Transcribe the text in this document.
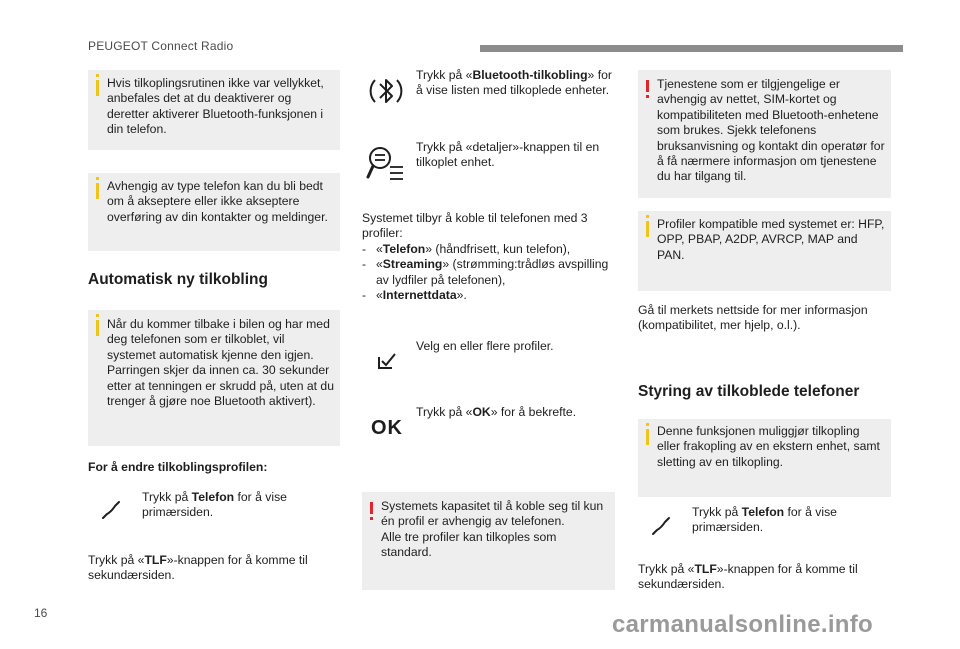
PEUGEOT Connect Radio
Hvis tilkoplingsrutinen ikke var vellykket, anbefales det at du deaktiverer og deretter aktiverer Bluetooth-funksjonen i din telefon.
Avhengig av type telefon kan du bli bedt om å akseptere eller ikke akseptere overføring av din kontakter og meldinger.
Automatisk ny tilkobling
Når du kommer tilbake i bilen og har med deg telefonen som er tilkoblet, vil systemet automatisk kjenne den igjen. Parringen skjer da innen ca. 30 sekunder etter at tenningen er skrudd på, uten at du trenger å gjøre noe Bluetooth aktivert).
For å endre tilkoblingsprofilen:
Trykk på Telefon for å vise primærsiden.
Trykk på «TLF»-knappen for å komme til sekundærsiden.
Trykk på «Bluetooth-tilkobling» for å vise listen med tilkoplede enheter.
Trykk på «detaljer»-knappen til en tilkoplet enhet.
Systemet tilbyr å koble til telefonen med 3 profiler:
- «Telefon» (håndfrisett, kun telefon),
- «Streaming» (strømming:trådløs avspilling av lydfiler på telefonen),
- «Internettdata».
Velg en eller flere profiler.
OK
Trykk på «OK» for å bekrefte.
Systemets kapasitet til å koble seg til kun én profil er avhengig av telefonen.
Alle tre profiler kan tilkoples som standard.
Tjenestene som er tilgjengelige er avhengig av nettet, SIM-kortet og kompatibiliteten med Bluetooth-enhetene som brukes. Sjekk telefonens bruksanvisning og kontakt din operatør for å få nærmere informasjon om tjenestene du har tilgang til.
Profiler kompatible med systemet er: HFP, OPP, PBAP, A2DP, AVRCP, MAP and PAN.
Gå til merkets nettside for mer informasjon (kompatibilitet, mer hjelp, o.l.).
Styring av tilkoblede telefoner
Denne funksjonen muliggjør tilkopling eller frakopling av en ekstern enhet, samt sletting av en tilkopling.
Trykk på Telefon for å vise primærsiden.
Trykk på «TLF»-knappen for å komme til sekundærsiden.
16	carmanualsonline.info
